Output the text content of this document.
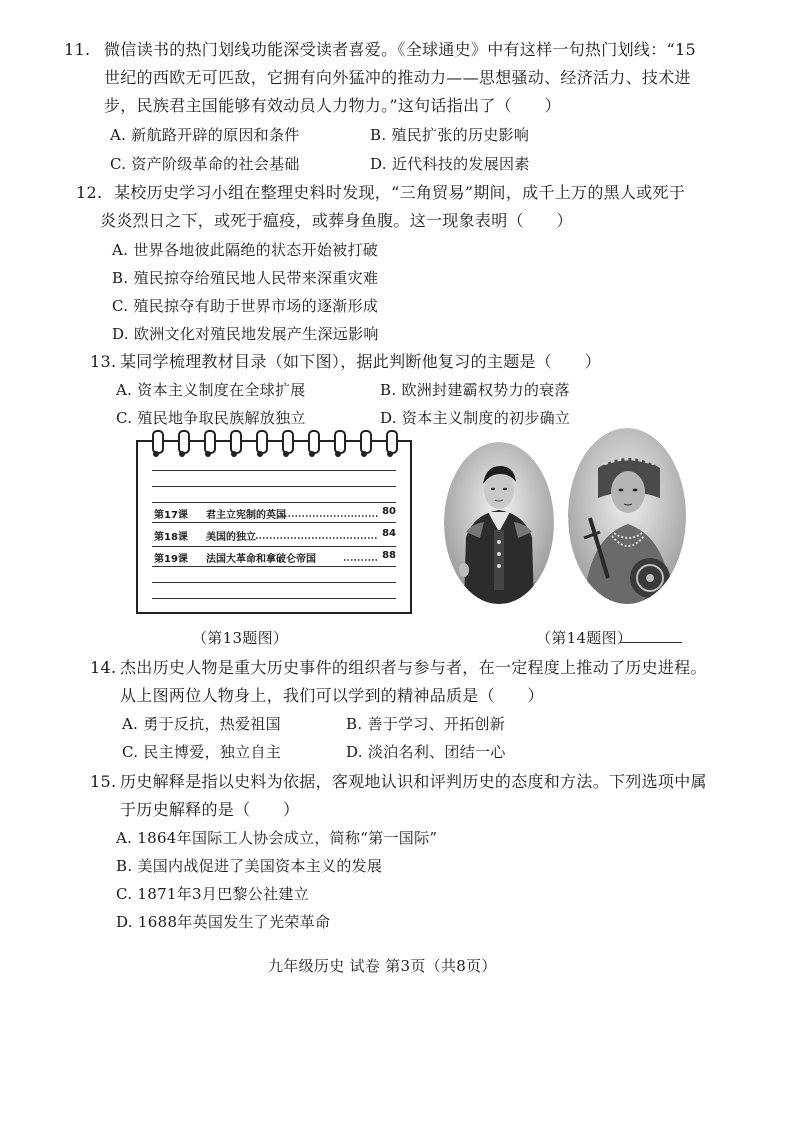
11. 微信读书的热门划线功能深受读者喜爱。《全球通史》中有这样一句热门划线：“15
世纪的西欧无可匹敌，它拥有向外猛冲的推动力——思想骚动、经济活力、技术进
步，民族君主国能够有效动员人力物力。”这句话指出了（　　）
A. 新航路开辟的原因和条件	B. 殖民扩张的历史影响
C. 资产阶级革命的社会基础	D. 近代科技的发展因素
12. 某校历史学习小组在整理史料时发现，“三角贸易”期间，成千上万的黑人或死于
炎炎烈日之下，或死于瘟疫，或葬身鱼腹。这一现象表明（　　）
A. 世界各地彼此隔绝的状态开始被打破
B. 殖民掠夺给殖民地人民带来深重灾难
C. 殖民掠夺有助于世界市场的逐渐形成
D. 欧洲文化对殖民地发展产生深远影响
13. 某同学梳理教材目录（如下图），据此判断他复习的主题是（　　）
A. 资本主义制度在全球扩展	B. 欧洲封建霸权势力的衰落
C. 殖民地争取民族解放独立	D. 资本主义制度的初步确立
第17课 君主立宪制的英国	80
第18课 美国的独立	84
第19课 法国大革命和拿破仑帝国	88
（第13题图）	（第14题图）
14. 杰出历史人物是重大历史事件的组织者与参与者，在一定程度上推动了历史进程。
从上图两位人物身上，我们可以学到的精神品质是（　　）
A. 勇于反抗，热爱祖国	B. 善于学习、开拓创新
C. 民主博爱，独立自主	D. 淡泊名利、团结一心
15. 历史解释是指以史料为依据，客观地认识和评判历史的态度和方法。下列选项中属
于历史解释的是（　　）
A. 1864年国际工人协会成立，简称“第一国际”
B. 美国内战促进了美国资本主义的发展
C. 1871年3月巴黎公社建立
D. 1688年英国发生了光荣革命
九年级历史 试卷 第3页（共8页）
